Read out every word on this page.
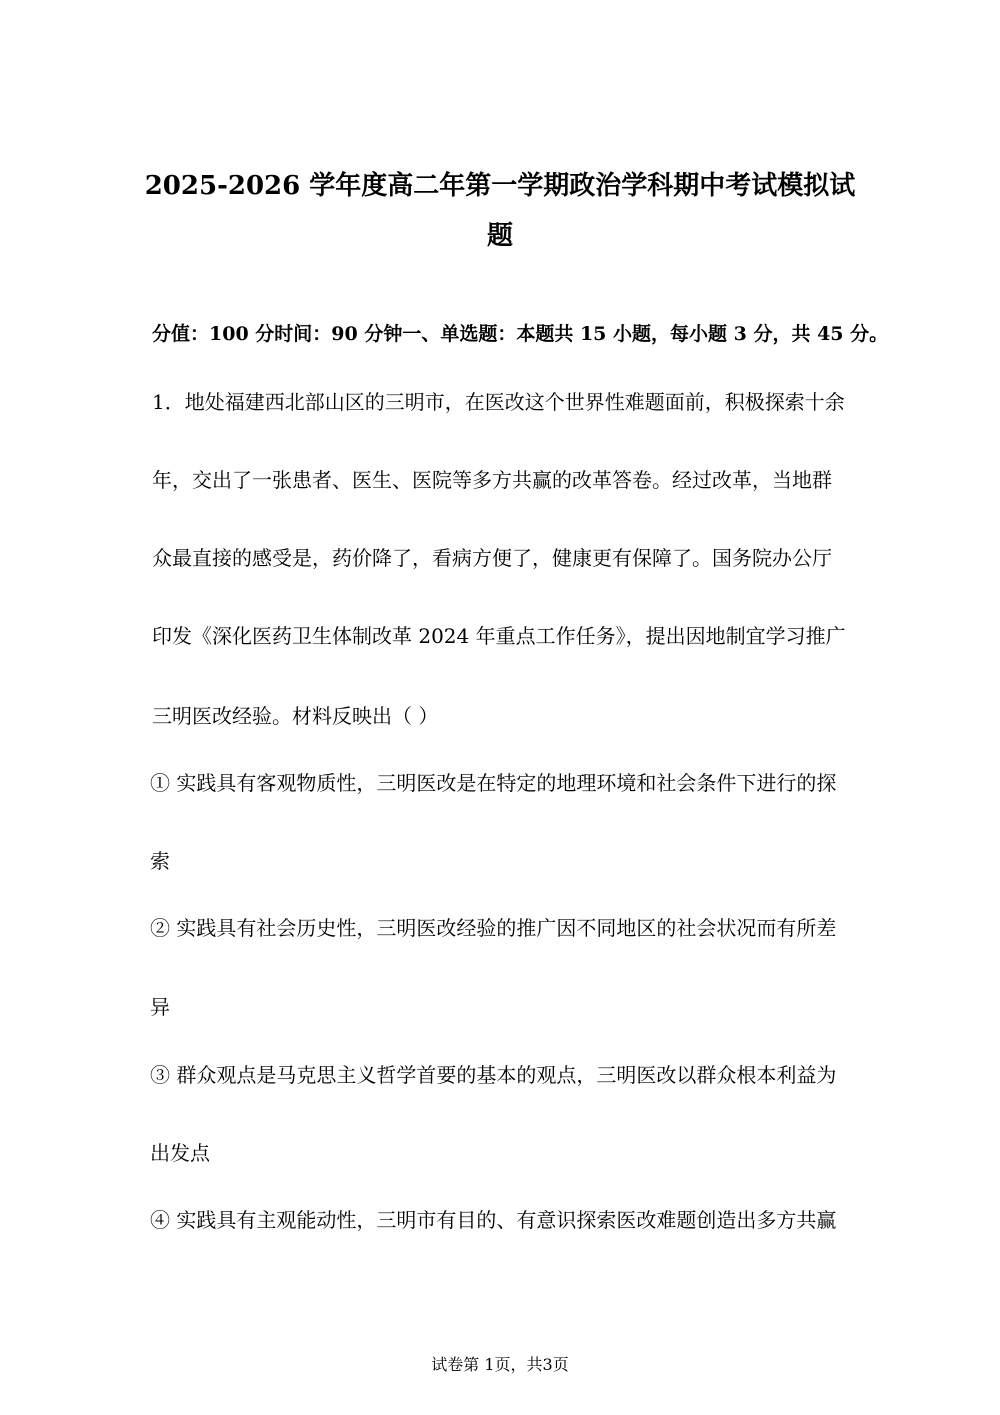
2025-2026 学年度高二年第一学期政治学科期中考试模拟试
题
分值：100 分时间：90 分钟一、单选题：本题共 15 小题，每小题 3 分，共 45 分。
1．地处福建西北部山区的三明市，在医改这个世界性难题面前，积极探索十余
年，交出了一张患者、医生、医院等多方共赢的改革答卷。经过改革，当地群
众最直接的感受是，药价降了，看病方便了，健康更有保障了。国务院办公厅
印发《深化医药卫生体制改革 2024 年重点工作任务》，提出因地制宜学习推广
三明医改经验。材料反映出（ ）
① 实践具有客观物质性，三明医改是在特定的地理环境和社会条件下进行的探
索
② 实践具有社会历史性，三明医改经验的推广因不同地区的社会状况而有所差
异
③ 群众观点是马克思主义哲学首要的基本的观点，三明医改以群众根本利益为
出发点
④ 实践具有主观能动性，三明市有目的、有意识探索医改难题创造出多方共赢
试卷第 1页，共3页
